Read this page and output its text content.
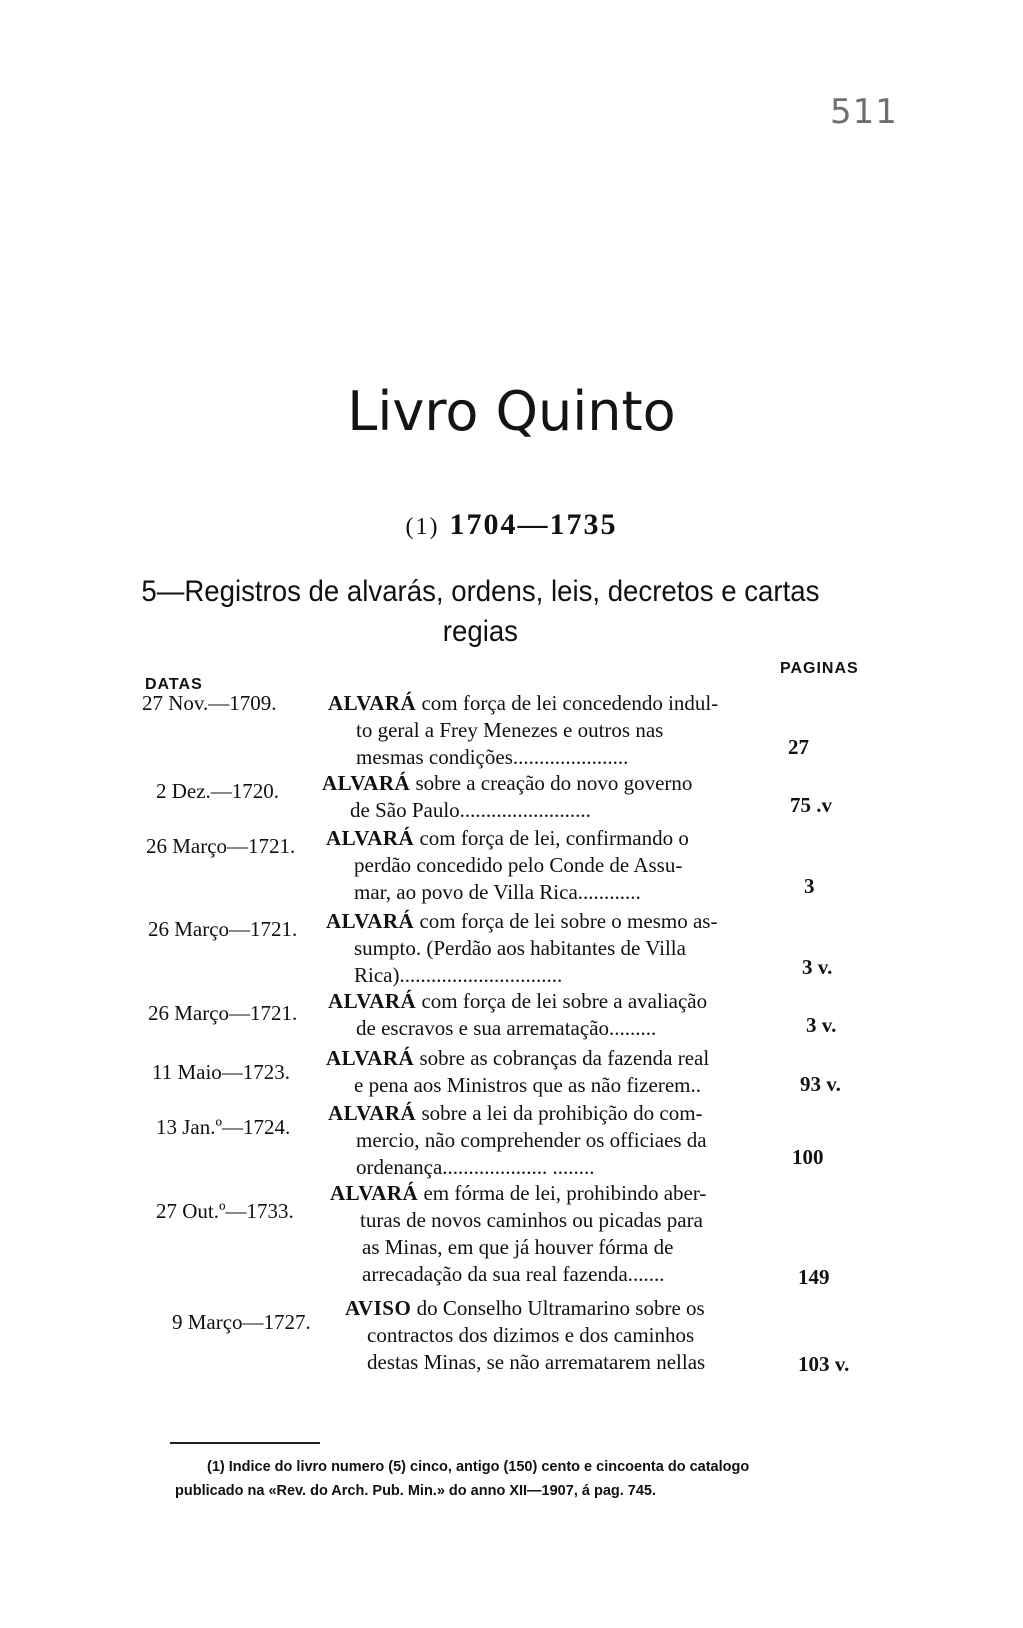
511
Livro Quinto
(1) 1704—1735
5—Registros de alvarás, ordens, leis, decretos e cartas
regias
DATAS
PAGINAS
27 Nov.—1709. ALVARÁ com força de lei concedendo indul-
to geral a Frey Menezes e outros nas
mesmas condições......................	27
2 Dez.—1720. ALVARÁ sobre a creação do novo governo
de São Paulo.........................	75 .v
26 Março—1721. ALVARÁ com força de lei, confirmando o
perdão concedido pelo Conde de Assu-
mar, ao povo de Villa Rica............	3
26 Março—1721. ALVARÁ com força de lei sobre o mesmo as-
sumpto. (Perdão aos habitantes de Villa
Rica)...............................	3 v.
26 Março—1721. ALVARÁ com força de lei sobre a avaliação
de escravos e sua arrematação.........	3 v.
11 Maio—1723.
ALVARÁ sobre as cobranças da fazenda real
e pena aos Ministros que as não fizerem..	93 v.
13 Jan.º—1724.
ALVARÁ sobre a lei da prohibição do com-
mercio, não comprehender os officiaes da
ordenança.................... ........	100
27 Out.º—1733.
ALVARÁ em fórma de lei, prohibindo aber-
turas de novos caminhos ou picadas para
as Minas, em que já houver fórma de
arrecadação da sua real fazenda.......	149
9 Março—1727.
AVISO do Conselho Ultramarino sobre os
contractos dos dizimos e dos caminhos
destas Minas, se não arrematarem nellas	103 v.
(1) Indice do livro numero (5) cinco, antigo (150) cento e cincoenta do catalogo
publicado na «Rev. do Arch. Pub. Min.» do anno XII—1907, á pag. 745.
